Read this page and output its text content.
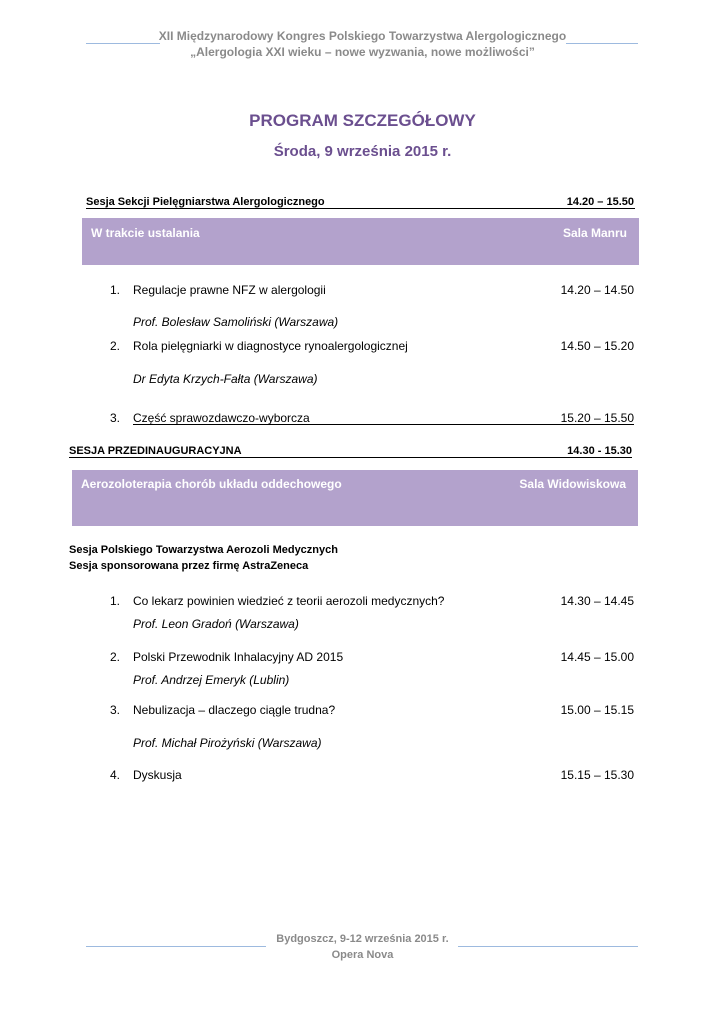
XII Międzynarodowy Kongres Polskiego Towarzystwa Alergologicznego
„Alergologia XXI wieku – nowe wyzwania, nowe możliwości”
PROGRAM SZCZEGÓŁOWY
Środa, 9 września 2015 r.
Sesja Sekcji Pielęgniarstwa Alergologicznego	14.20 – 15.50
W trakcie ustalania	Sala Manru
1. Regulacje prawne NFZ w alergologii	14.20 – 14.50
Prof. Bolesław Samoliński (Warszawa)
2. Rola pielęgniarki w diagnostyce rynoalergologicznej	14.50 – 15.20
Dr Edyta Krzych-Fałta (Warszawa)
3. Część sprawozdawczo-wyborcza	15.20 – 15.50
SESJA PRZEDINAUGURACYJNA	14.30 - 15.30
Aerozoloterapia chorób układu oddechowego	Sala Widowiskowa
Sesja Polskiego Towarzystwa Aerozoli Medycznych
Sesja sponsorowana przez firmę AstraZeneca
1. Co lekarz powinien wiedzieć z teorii aerozoli medycznych?	14.30 – 14.45
Prof. Leon Gradoń (Warszawa)
2. Polski Przewodnik Inhalacyjny AD 2015	14.45 – 15.00
Prof. Andrzej Emeryk (Lublin)
3. Nebulizacja – dlaczego ciągle trudna?	15.00 – 15.15
Prof. Michał Pirożyński (Warszawa)
4. Dyskusja	15.15 – 15.30
Bydgoszcz, 9-12 września 2015 r.
Opera Nova
